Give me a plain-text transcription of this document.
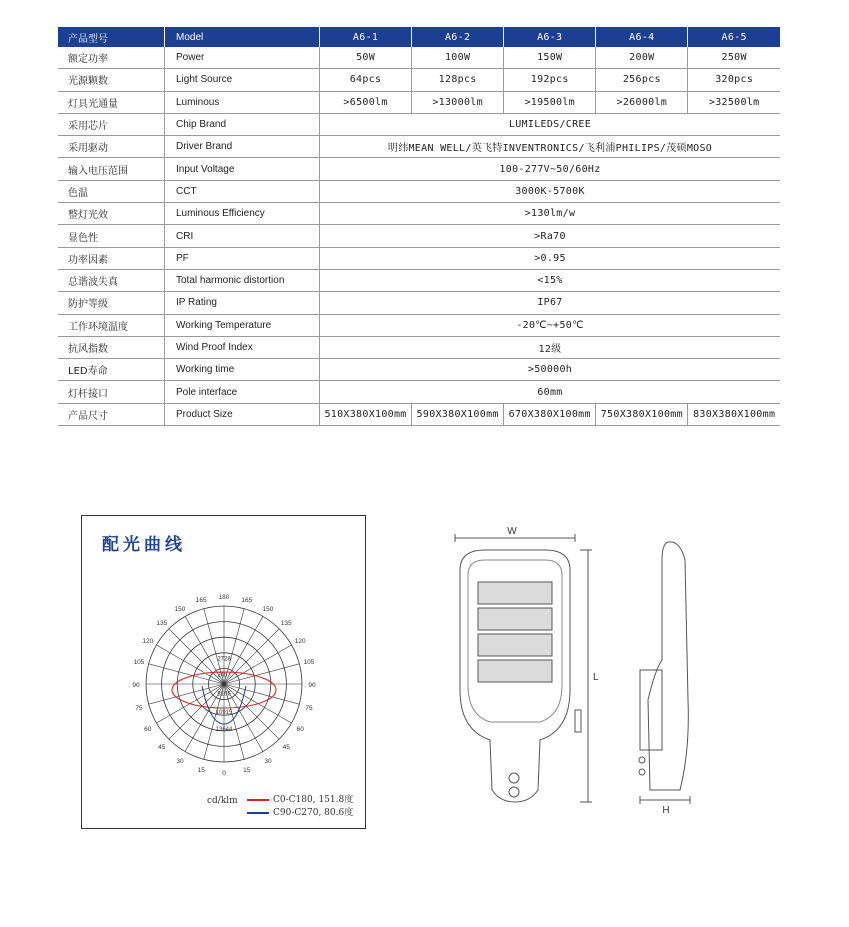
产品型号	Model	A6-1	A6-2	A6-3	A6-4	A6-5
额定功率	Power	50W	100W	150W	200W	250W
光源颗数	Light Source	64pcs	128pcs	192pcs	256pcs	320pcs
灯具光通量	Luminous	>6500lm	>13000lm	>19500lm	>26000lm	>32500lm
采用芯片	Chip Brand	LUMILEDS/CREE				
采用驱动	Driver Brand	明纬MEAN WELL/英飞特INVENTRONICS/飞利浦PHILIPS/茂硕MOSO				
输入电压范围	Input Voltage	100-277V~50/60Hz				
色温	CCT	3000K-5700K				
整灯光效	Luminous Efficiency	>130lm/w				
显色性	CRI	>Ra70				
功率因素	PF	>0.95				
总谐波失真	Total harmonic distortion	<15%				
防护等级	IP Rating	IP67				
工作环境温度	Working Temperature	-20℃~+50℃				
抗风指数	Wind Proof Index	12级				
LED寿命	Working time	>50000h				
灯杆接口	Pole interface	60mm				
产品尺寸	Product Size	510X380X100mm	590X380X100mm	670X380X100mm	750X380X100mm	830X380X100mm
配光曲线
180
165	165
150	150
135	135
120	120
105	105
90	90
75	75
60	60
45	45
30	30
15	15
0
2728
2457
8166
10915
13644
cd/klm	C0-C180, 151.8度
C90-C270, 80.6度
W
L
H
